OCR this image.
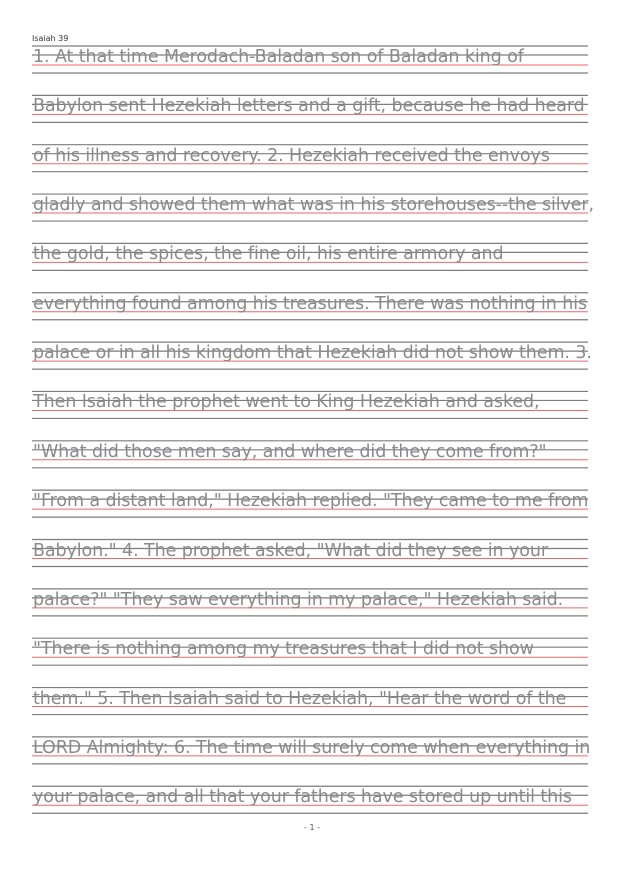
Isaiah 39
1. At that time Merodach-Baladan son of Baladan king of
Babylon sent Hezekiah letters and a gift, because he had heard
of his illness and recovery. 2. Hezekiah received the envoys
gladly and showed them what was in his storehouses--the silver,
the gold, the spices, the fine oil, his entire armory and
everything found among his treasures. There was nothing in his
palace or in all his kingdom that Hezekiah did not show them. 3.
Then Isaiah the prophet went to King Hezekiah and asked,
"What did those men say, and where did they come from?"
"From a distant land," Hezekiah replied. "They came to me from
Babylon." 4. The prophet asked, "What did they see in your
palace?" "They saw everything in my palace," Hezekiah said.
"There is nothing among my treasures that I did not show
them." 5. Then Isaiah said to Hezekiah, "Hear the word of the
LORD Almighty: 6. The time will surely come when everything in
your palace, and all that your fathers have stored up until this
- 1 -
